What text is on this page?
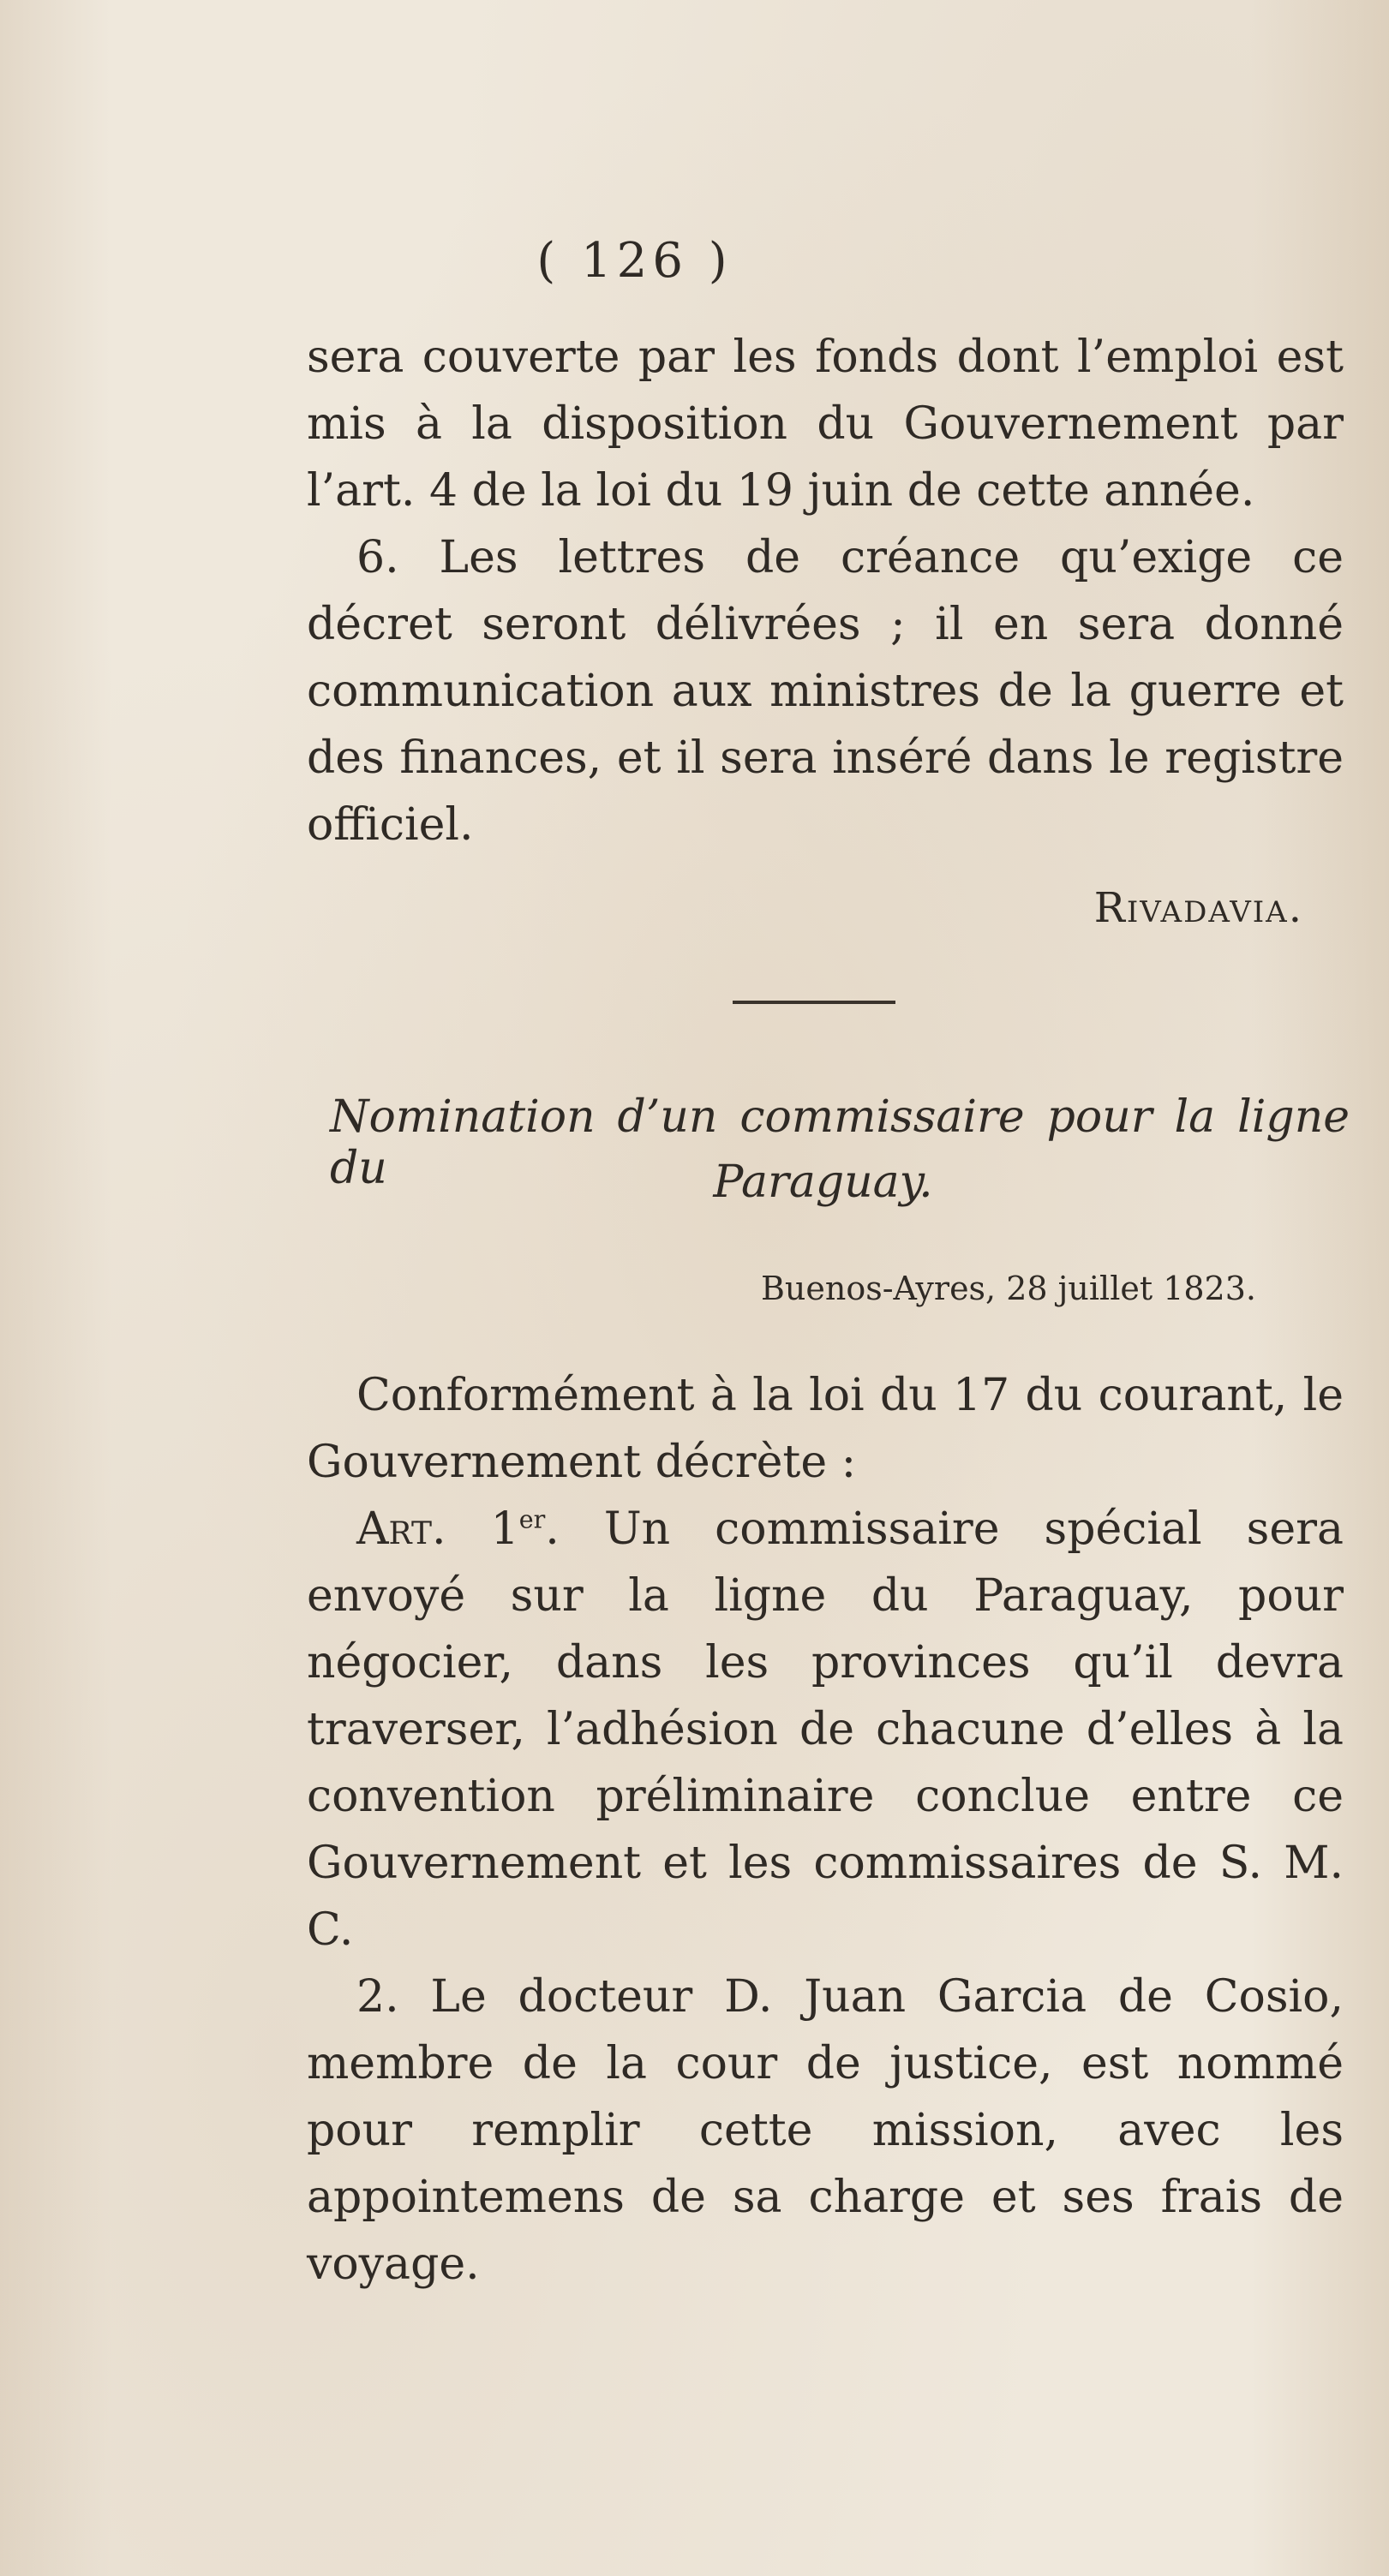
( 126 )

sera couverte par les fonds dont l’emploi est mis à la disposition du Gouvernement par l’art. 4 de la loi du 19 juin de cette année.

6. Les lettres de créance qu’exige ce décret seront délivrées ; il en sera donné communication aux ministres de la guerre et des finances, et il sera inséré dans le registre officiel.

Rivadavia.
Nomination d’un commissaire pour la ligne du	Paraguay.
Buenos-Ayres, 28 juillet 1823.

Conformément à la loi du 17 du courant, le Gouvernement décrète :

Art. 1er. Un commissaire spécial sera envoyé sur la ligne du Paraguay, pour négocier, dans les provinces qu’il devra traverser, l’adhésion de chacune d’elles à la convention préliminaire conclue entre ce Gouvernement et les commissaires de S. M. C.

2. Le docteur D. Juan Garcia de Cosio, membre de la cour de justice, est nommé pour remplir cette mission, avec les appointemens de sa charge et ses frais de voyage.
